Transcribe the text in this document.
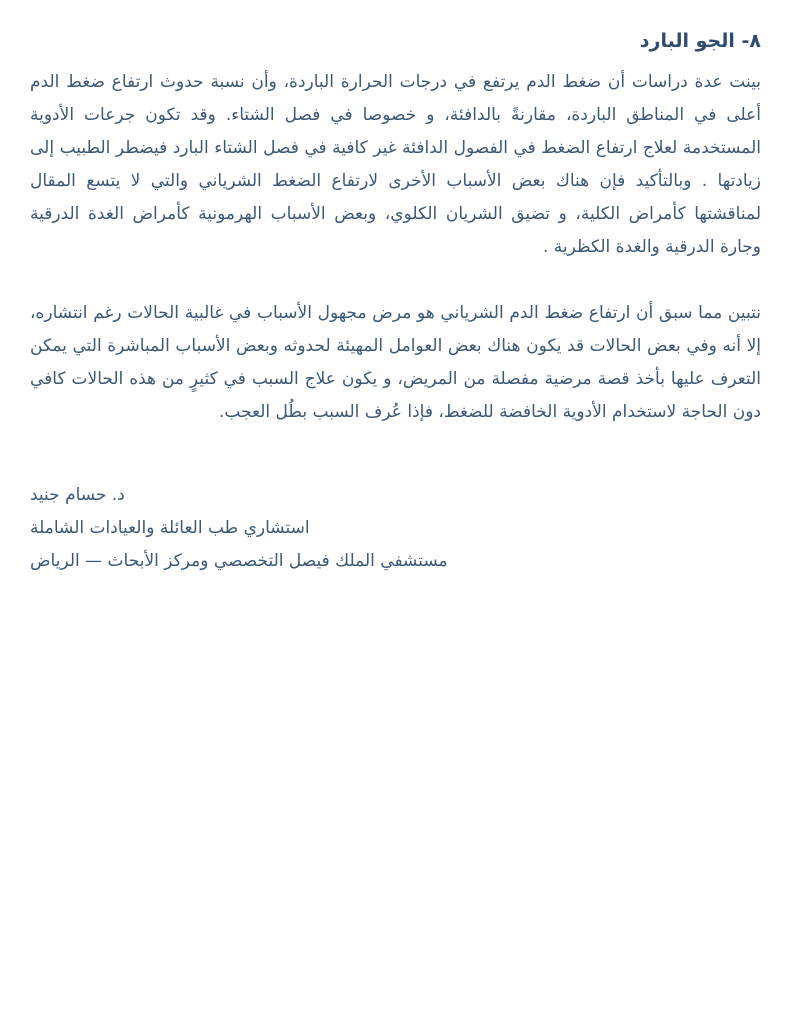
٨- الجو البارد

بينت عدة دراسات أن ضغط الدم يرتفع في درجات الحرارة الباردة، وأن نسبة حدوث ارتفاع ضغط الدم أعلى في المناطق الباردة، مقارنةً بالدافئة، و خصوصا في فصل الشتاء. وقد تكون جرعات الأدوية المستخدمة لعلاج ارتفاع الضغط في الفصول الدافئة غير كافية في فصل الشتاء البارد فيضطر الطبيب إلى زيادتها . وبالتأكيد فإن هناك بعض الأسباب الأخرى لارتفاع الضغط الشرياني والتي لا يتسع المقال لمناقشتها كأمراض الكلية، و تضيق الشريان الكلوي، وبعض الأسباب الهرمونية كأمراض الغدة الدرقية وجارة الدرقية والغدة الكظرية .

نتبين مما سبق أن ارتفاع ضغط الدم الشرياني هو مرض مجهول الأسباب في غالبية الحالات رغم انتشاره، إلا أنه وفي بعض الحالات قد يكون هناك بعض العوامل المهيئة لحدوثه وبعض الأسباب المباشرة التي يمكن التعرف عليها بأخذ قصة مرضية مفصلة من المريض، و يكون علاج السبب في كثيرٍ من هذه الحالات كافي دون الحاجة لاستخدام الأدوية الخافضة للضغط، فإذا عُرف السبب بطُل العجب.

د. حسام جنيد
استشاري طب العائلة والعيادات الشاملة
مستشفي الملك فيصل التخصصي ومركز الأبحاث — الرياض
